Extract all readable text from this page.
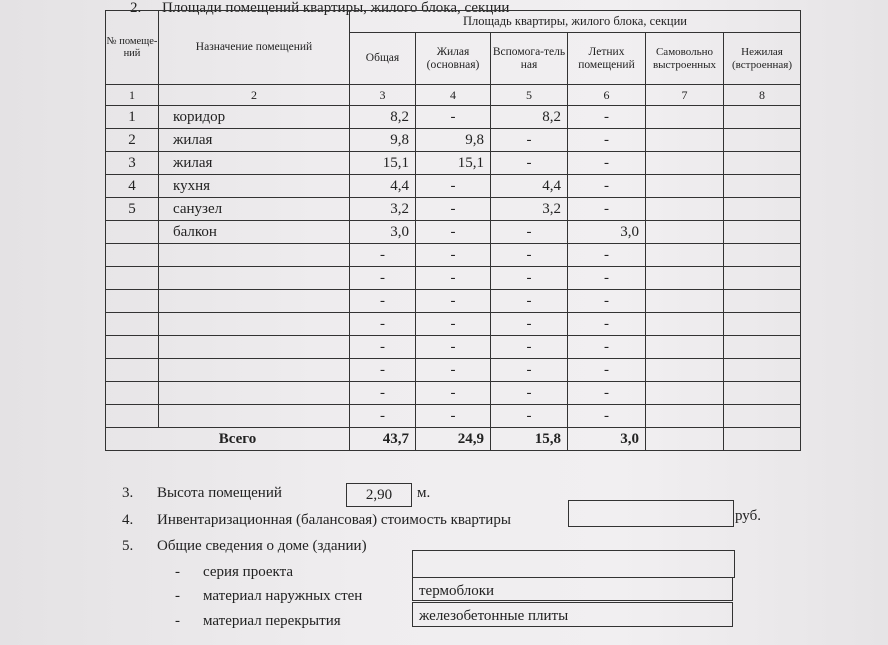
2. Площади помещений квартиры, жилого блока, секции
№ помеще-ний	Назначение помещений	Площадь квартиры, жилого блока, секции					
		Общая	Жилая (основная)	Вспомога-тельная	Летних помещений	Самовольно выстроенных	Нежилая (встроенная)
1	2	3	4	5	6	7	8
1	коридор	8,2	-	8,2	-		
2	жилая	9,8	9,8	-	-		
3	жилая	15,1	15,1	-	-		
4	кухня	4,4	-	4,4	-		
5	санузел	3,2	-	3,2	-		
	балкон	3,0	-	-	3,0		
		-	-	-	-		
		-	-	-	-		
		-	-	-	-		
		-	-	-	-		
		-	-	-	-		
		-	-	-	-		
		-	-	-	-		
		-	-	-	-		
Всего		43,7	24,9	15,8	3,0		
3. Высота помещений	2,90	м.
4. Инвентаризационная (балансовая) стоимость квартиры	руб.
5. Общие сведения о доме (здании)
- серия проекта
- материал наружных стен	термоблоки
- материал перекрытия	железобетонные плиты
